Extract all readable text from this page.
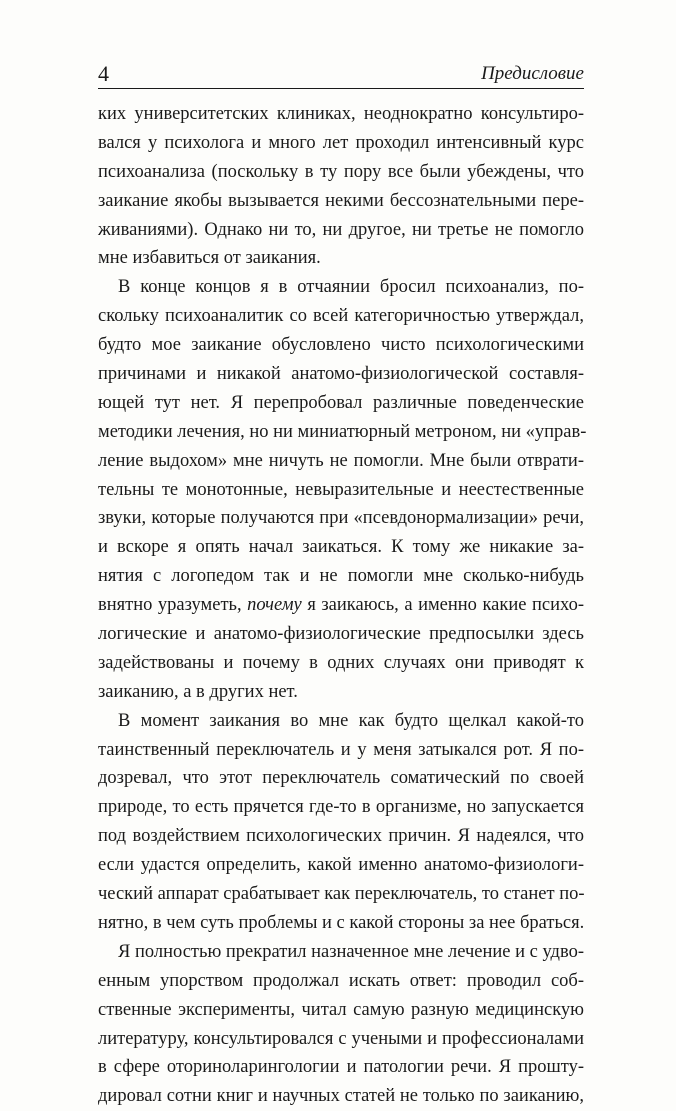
4	Предисловие
ких университетских клиниках, неоднократно консультиро-
вался у психолога и много лет проходил интенсивный курс
психоанализа (поскольку в ту пору все были убеждены, что
заикание якобы вызывается некими бессознательными пере-
живаниями). Однако ни то, ни другое, ни третье не помогло
мне избавиться от заикания.
В конце концов я в отчаянии бросил психоанализ, по-
скольку психоаналитик со всей категоричностью утверждал,
будто мое заикание обусловлено чисто психологическими
причинами и никакой анатомо-физиологической составля-
ющей тут нет. Я перепробовал различные поведенческие
методики лечения, но ни миниатюрный метроном, ни «управ-
ление выдохом» мне ничуть не помогли. Мне были отврати-
тельны те монотонные, невыразительные и неестественные
звуки, которые получаются при «псевдонормализации» речи,
и вскоре я опять начал заикаться. К тому же никакие за-
нятия с логопедом так и не помогли мне сколько-нибудь
внятно уразуметь, почему я заикаюсь, а именно какие психо-
логические и анатомо-физиологические предпосылки здесь
задействованы и почему в одних случаях они приводят к
заиканию, а в других нет.
В момент заикания во мне как будто щелкал какой-то
таинственный переключатель и у меня затыкался рот. Я по-
дозревал, что этот переключатель соматический по своей
природе, то есть прячется где-то в организме, но запускается
под воздействием психологических причин. Я надеялся, что
если удастся определить, какой именно анатомо-физиологи-
ческий аппарат срабатывает как переключатель, то станет по-
нятно, в чем суть проблемы и с какой стороны за нее браться.
Я полностью прекратил назначенное мне лечение и с удво-
енным упорством продолжал искать ответ: проводил соб-
ственные эксперименты, читал самую разную медицинскую
литературу, консультировался с учеными и профессионалами
в сфере оториноларингологии и патологии речи. Я прошту-
дировал сотни книг и научных статей не только по заиканию,
